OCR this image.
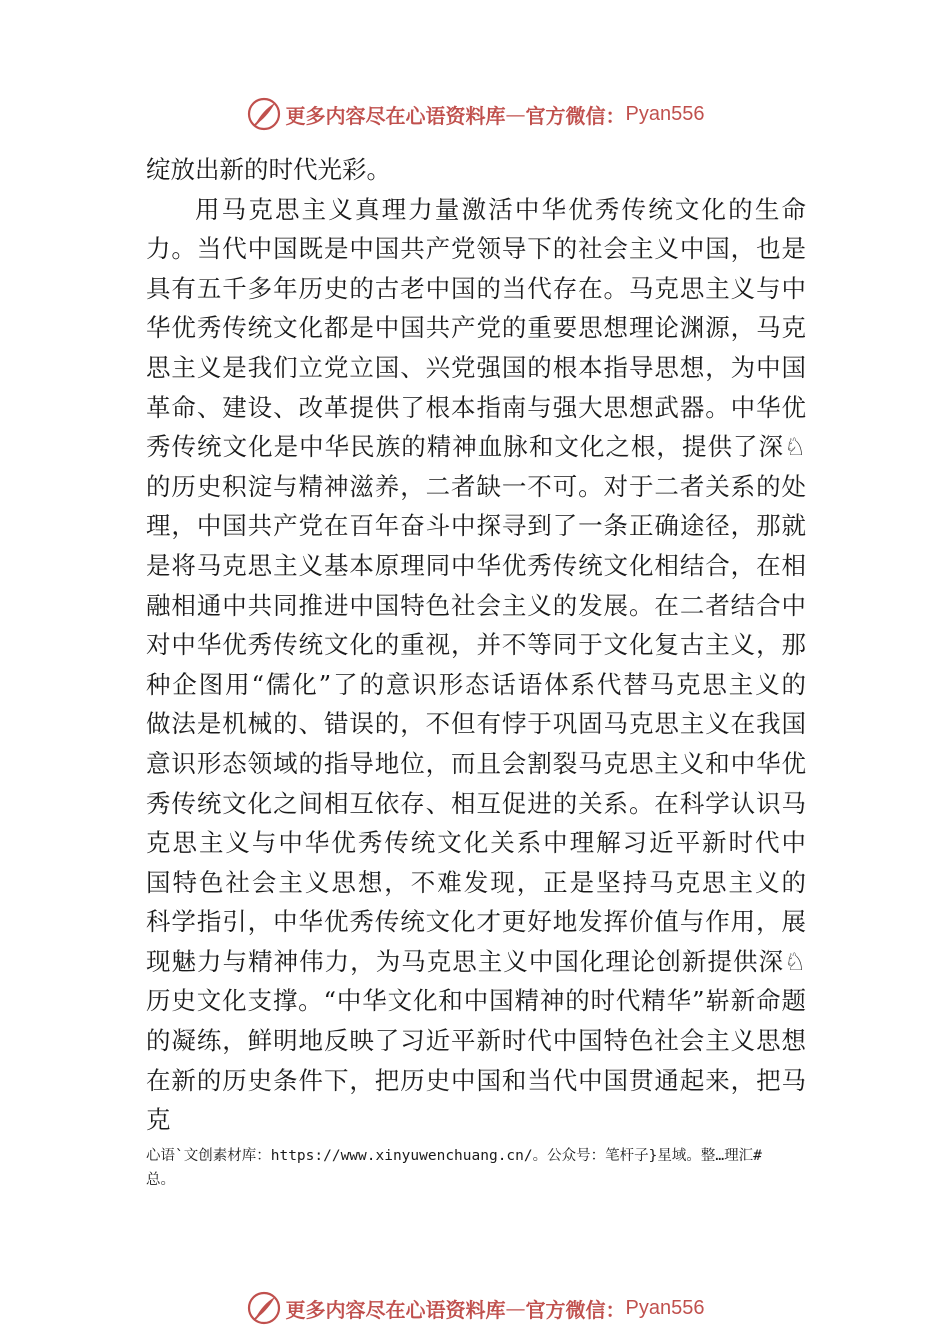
更多内容尽在心语资料库 — 官方微信： Pyan556
绽放出新的时代光彩。
用马克思主义真理力量激活中华优秀传统文化的生命
力。当代中国既是中国共产党领导下的社会主义中国，也是
具有五千多年历史的古老中国的当代存在。马克思主义与中
华优秀传统文化都是中国共产党的重要思想理论渊源，马克
思主义是我们立党立国、兴党强国的根本指导思想，为中国
革命、建设、改革提供了根本指南与强大思想武器。中华优
秀传统文化是中华民族的精神血脉和文化之根，提供了深♘
的历史积淀与精神滋养，二者缺一不可。对于二者关系的处
理，中国共产党在百年奋斗中探寻到了一条正确途径，那就
是将马克思主义基本原理同中华优秀传统文化相结合，在相
融相通中共同推进中国特色社会主义的发展。在二者结合中
对中华优秀传统文化的重视，并不等同于文化复古主义，那
种企图用“儒化”了的意识形态话语体系代替马克思主义的
做法是机械的、错误的，不但有悖于巩固马克思主义在我国
意识形态领域的指导地位，而且会割裂马克思主义和中华优
秀传统文化之间相互依存、相互促进的关系。在科学认识马
克思主义与中华优秀传统文化关系中理解习近平新时代中
国特色社会主义思想，不难发现，正是坚持马克思主义的
科学指引，中华优秀传统文化才更好地发挥价值与作用，展
现魅力与精神伟力，为马克思主义中国化理论创新提供深♘
历史文化支撑。“中华文化和中国精神的时代精华”崭新命题
的凝练，鲜明地反映了习近平新时代中国特色社会主义思想
在新的历史条件下，把历史中国和当代中国贯通起来，把马
克
心语`文创素材库：https://www.xinyuwenchuang.cn/。公众号：笔杆子}星域。整…理汇#
总。
更多内容尽在心语资料库 — 官方微信： Pyan556
